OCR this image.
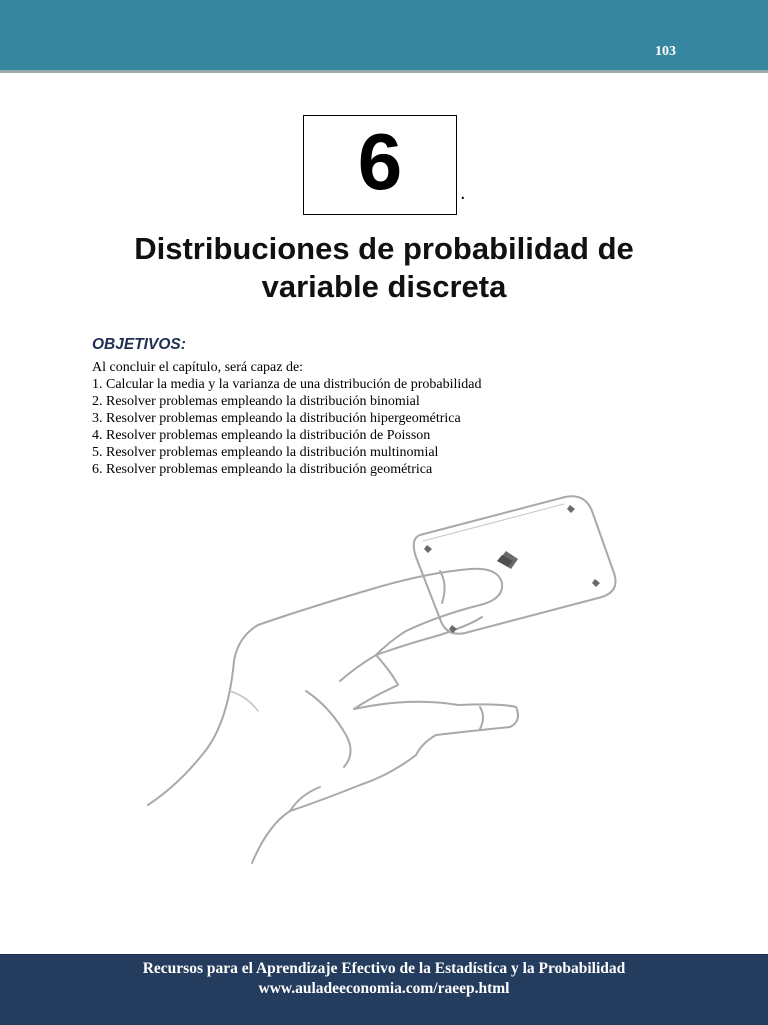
103
6	.
Distribuciones de probabilidad de
variable discreta
OBJETIVOS:
Al concluir el capítulo, será capaz de:
1. Calcular la media y la varianza de una distribución de probabilidad
2. Resolver problemas empleando la distribución binomial
3. Resolver problemas empleando la distribución hipergeométrica
4. Resolver problemas empleando la distribución de Poisson
5. Resolver problemas empleando la distribución multinomial
6. Resolver problemas empleando la distribución geométrica
Recursos para el Aprendizaje Efectivo de la Estadística y la Probabilidad
www.auladeeconomia.com/raeep.html
